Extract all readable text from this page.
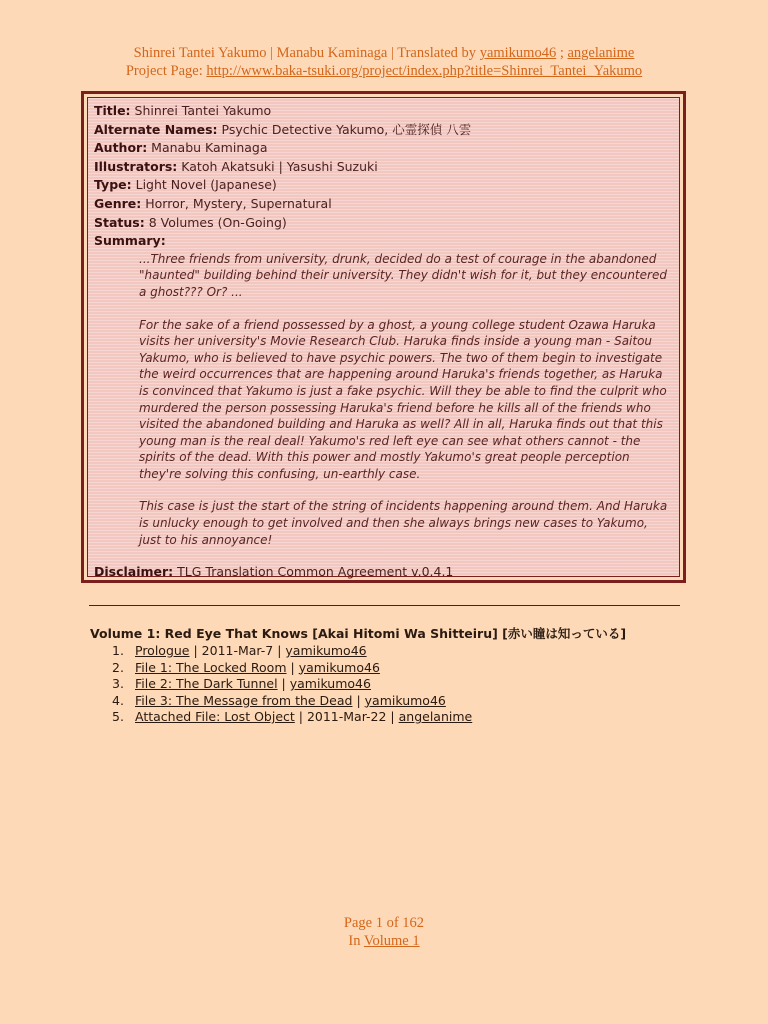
Shinrei Tantei Yakumo | Manabu Kaminaga | Translated by yamikumo46 ; angelanime
Project Page: http://www.baka-tsuki.org/project/index.php?title=Shinrei_Tantei_Yakumo
Title: Shinrei Tantei Yakumo
Alternate Names: Psychic Detective Yakumo, 心霊探偵 八雲
Author: Manabu Kaminaga
Illustrators: Katoh Akatsuki | Yasushi Suzuki
Type: Light Novel (Japanese)
Genre: Horror, Mystery, Supernatural
Status: 8 Volumes (On-Going)
Summary:

...Three friends from university, drunk, decided do a test of courage in the abandoned "haunted" building behind their university. They didn't wish for it, but they encountered a ghost??? Or? ...

For the sake of a friend possessed by a ghost, a young college student Ozawa Haruka visits her university's Movie Research Club. Haruka finds inside a young man - Saitou Yakumo, who is believed to have psychic powers. The two of them begin to investigate the weird occurrences that are happening around Haruka's friends together, as Haruka is convinced that Yakumo is just a fake psychic. Will they be able to find the culprit who murdered the person possessing Haruka's friend before he kills all of the friends who visited the abandoned building and Haruka as well? All in all, Haruka finds out that this young man is the real deal! Yakumo's red left eye can see what others cannot - the spirits of the dead. With this power and mostly Yakumo's great people perception they're solving this confusing, un-earthly case.

This case is just the start of the string of incidents happening around them. And Haruka is unlucky enough to get involved and then she always brings new cases to Yakumo, just to his annoyance!

Disclaimer: TLG Translation Common Agreement v.0.4.1
Volume 1: Red Eye That Knows [Akai Hitomi Wa Shitteiru] [赤い瞳は知っている]
1. Prologue | 2011-Mar-7 | yamikumo46
2. File 1: The Locked Room | yamikumo46
3. File 2: The Dark Tunnel | yamikumo46
4. File 3: The Message from the Dead | yamikumo46
5. Attached File: Lost Object | 2011-Mar-22 | angelanime
Page 1 of 162
In Volume 1
